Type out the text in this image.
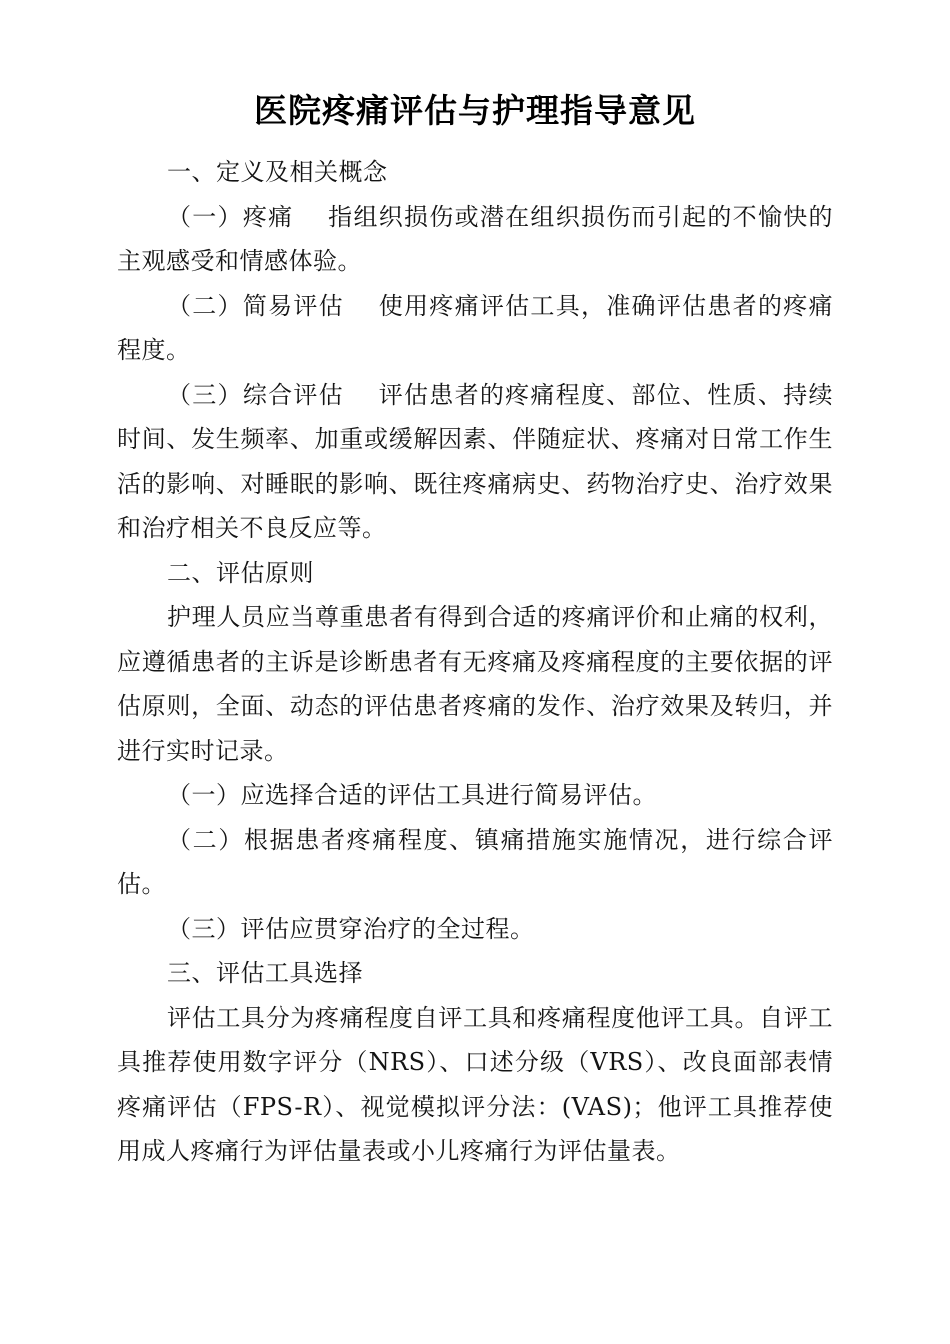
医院疼痛评估与护理指导意见

一、定义及相关概念

（一）疼痛 指组织损伤或潜在组织损伤而引起的不愉快的主观感受和情感体验。

（二）简易评估 使用疼痛评估工具，准确评估患者的疼痛程度。

（三）综合评估 评估患者的疼痛程度、部位、性质、持续时间、发生频率、加重或缓解因素、伴随症状、疼痛对日常工作生活的影响、对睡眠的影响、既往疼痛病史、药物治疗史、治疗效果和治疗相关不良反应等。

二、评估原则

护理人员应当尊重患者有得到合适的疼痛评价和止痛的权利，应遵循患者的主诉是诊断患者有无疼痛及疼痛程度的主要依据的评估原则，全面、动态的评估患者疼痛的发作、治疗效果及转归，并进行实时记录。

（一）应选择合适的评估工具进行简易评估。

（二）根据患者疼痛程度、镇痛措施实施情况，进行综合评估。

（三）评估应贯穿治疗的全过程。

三、评估工具选择

评估工具分为疼痛程度自评工具和疼痛程度他评工具。自评工具推荐使用数字评分（NRS）、口述分级（VRS）、改良面部表情疼痛评估（FPS-R）、视觉模拟评分法：(VAS)；他评工具推荐使用成人疼痛行为评估量表或小儿疼痛行为评估量表。
